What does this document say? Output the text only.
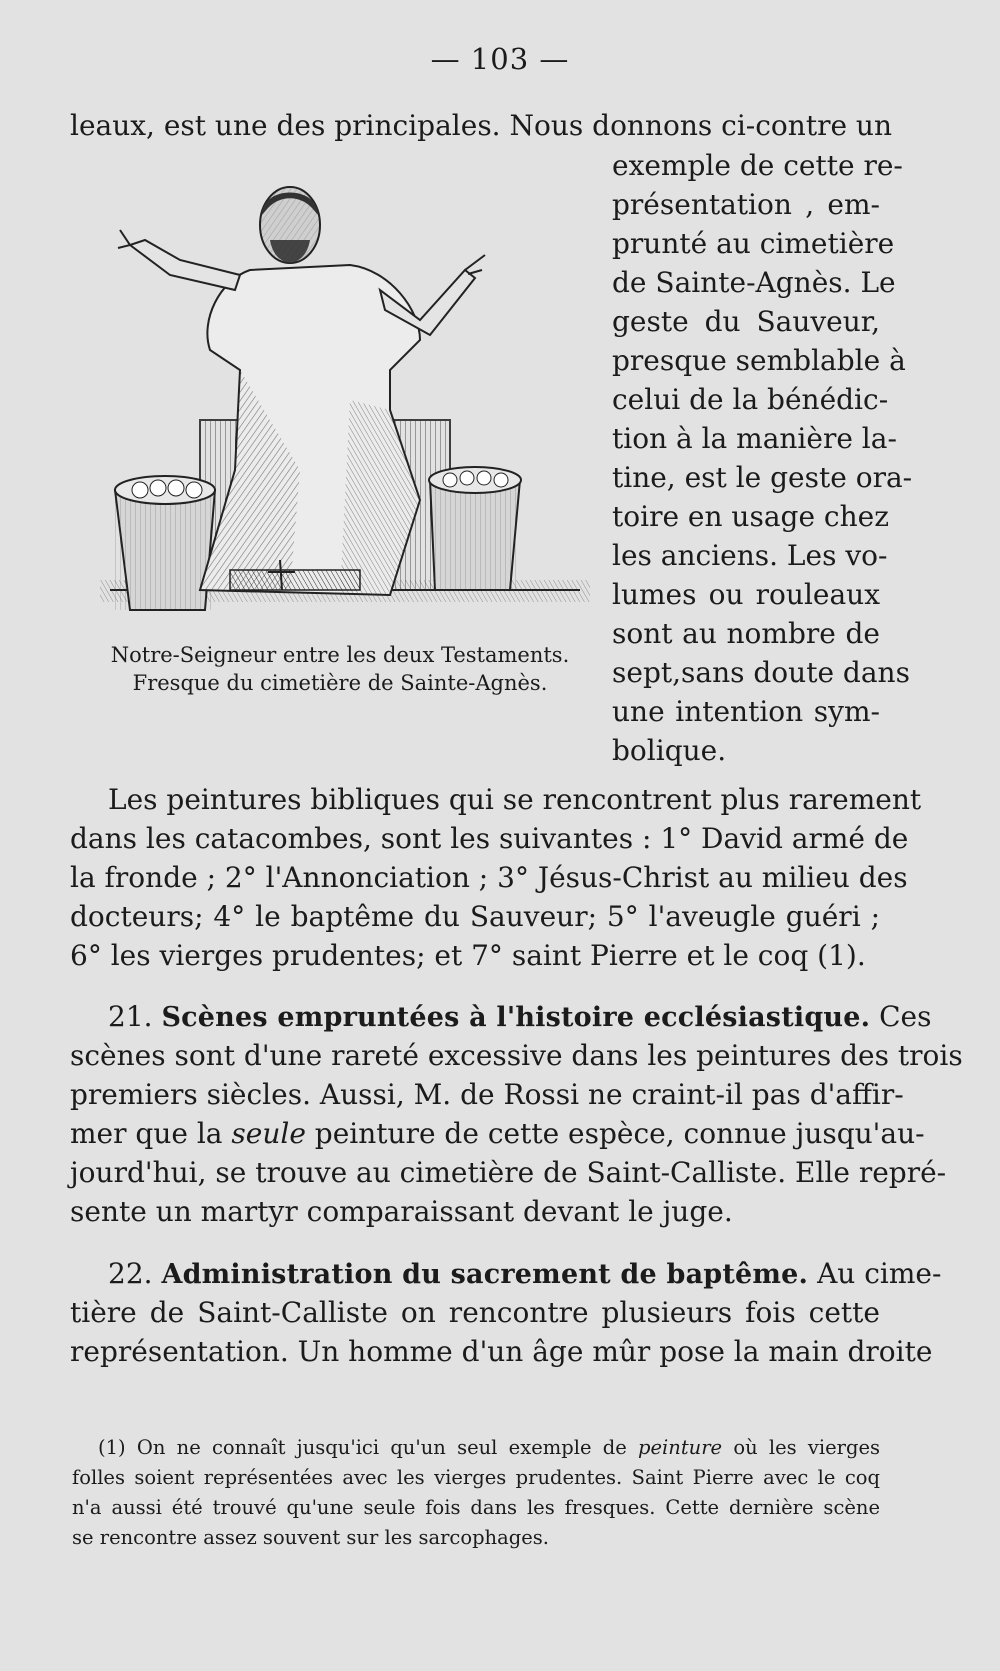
— 103 —
leaux, est une des principales. Nous donnons ci-contre un
exemple de cette re-
présentation , em-
prunté au cimetière
de Sainte-Agnès. Le
geste du Sauveur,
presque semblable à
celui de la bénédic-
tion à la manière la-
tine, est le geste ora-
toire en usage chez
les anciens. Les vo-
lumes ou rouleaux
sont au nombre de
sept,sans doute dans
une intention sym-
bolique.
Notre-Seigneur entre les deux Testaments.
Fresque du cimetière de Sainte-Agnès.
Les peintures bibliques qui se rencontrent plus rarement
dans les catacombes, sont les suivantes : 1° David armé de
la fronde ; 2° l'Annonciation ; 3° Jésus-Christ au milieu des
docteurs; 4° le baptême du Sauveur; 5° l'aveugle guéri ;
6° les vierges prudentes; et 7° saint Pierre et le coq (1).
21. Scènes empruntées à l'histoire ecclésiastique. Ces
scènes sont d'une rareté excessive dans les peintures des trois
premiers siècles. Aussi, M. de Rossi ne craint-il pas d'affir-
mer que la seule peinture de cette espèce, connue jusqu'au-
jourd'hui, se trouve au cimetière de Saint-Calliste. Elle repré-
sente un martyr comparaissant devant le juge.
22. Administration du sacrement de baptême. Au cime-
tière de Saint-Calliste on rencontre plusieurs fois cette
représentation. Un homme d'un âge mûr pose la main droite
(1) On ne connaît jusqu'ici qu'un seul exemple de peinture où les vierges
folles soient représentées avec les vierges prudentes. Saint Pierre avec le coq
n'a aussi été trouvé qu'une seule fois dans les fresques. Cette dernière scène
se rencontre assez souvent sur les sarcophages.
